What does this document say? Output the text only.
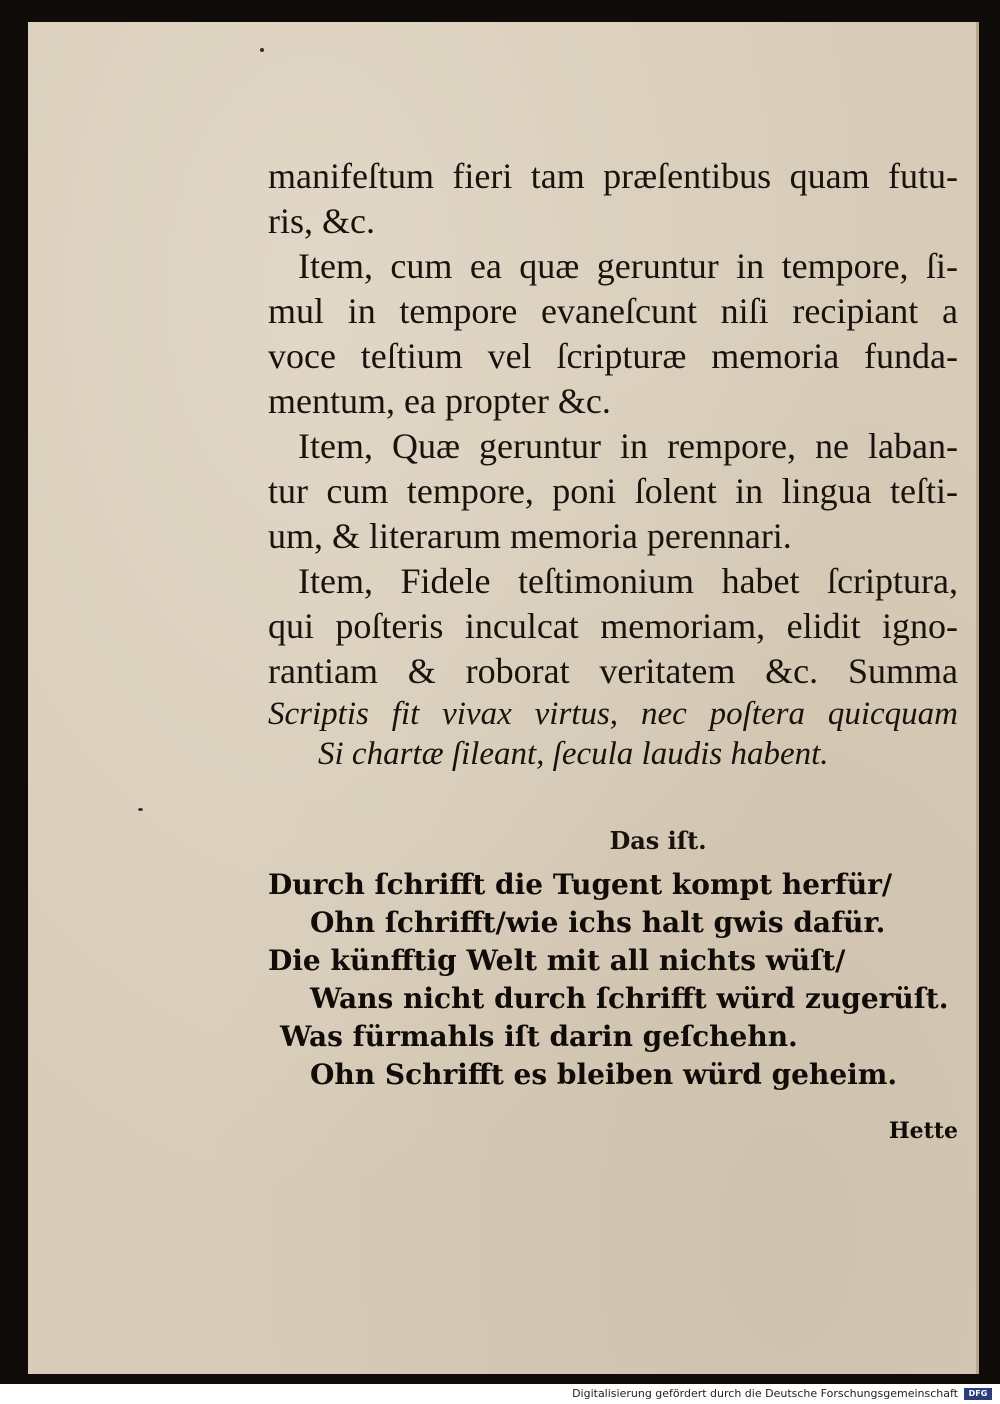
manifeſtum fieri tam præſentibus quam futu-
ris, &c.
Item, cum ea quæ geruntur in tempore, ſi-
mul in tempore evaneſcunt niſi recipiant a
voce teſtium vel ſcripturæ memoria funda-
mentum, ea propter &c.
Item, Quæ geruntur in rempore, ne laban-
tur cum tempore, poni ſolent in lingua teſti-
um, & literarum memoria perennari.
Item, Fidele teſtimonium habet ſcriptura,
qui poſteris inculcat memoriam, elidit igno-
rantiam & roborat veritatem &c. Summa
Scriptis fit vivax virtus, nec poſtera quicquam
Si chartæ ſileant, ſecula laudis habent.
Das iſt.
Durch ſchrifft die Tugent kompt herfür/
Ohn ſchrifft/wie ichs halt gwis dafür.
Die künfftig Welt mit all nichts wüſt/
Wans nicht durch ſchrifft würd zugerüſt.
Was fürmahls iſt darin geſchehn.
Ohn Schrifft es bleiben würd geheim.
Hette
Digitalisierung gefördert durch die Deutsche Forschungsgemeinschaft	DFG
